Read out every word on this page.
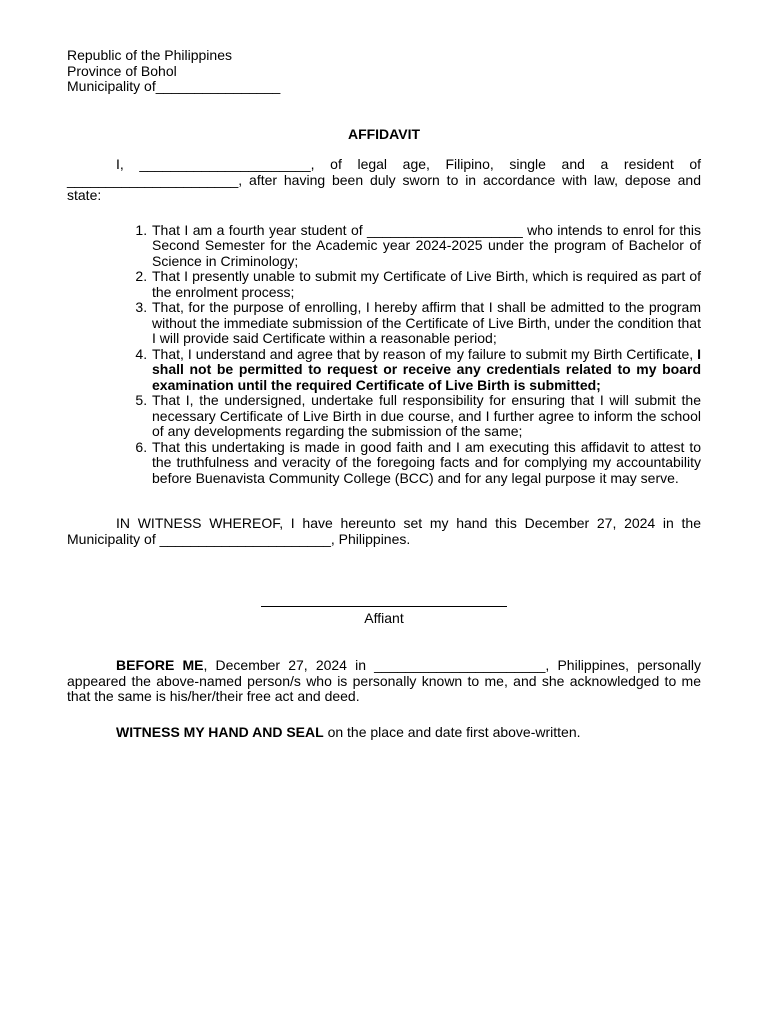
Republic of the Philippines
Province of Bohol
Municipality of________________
AFFIDAVIT
I, ______________________, of legal age, Filipino, single and a resident of ______________________, after having been duly sworn to in accordance with law, depose and state:
1. That I am a fourth year student of ____________________ who intends to enrol for this Second Semester for the Academic year 2024-2025 under the program of Bachelor of Science in Criminology;
2. That I presently unable to submit my Certificate of Live Birth, which is required as part of the enrolment process;
3. That, for the purpose of enrolling, I hereby affirm that I shall be admitted to the program without the immediate submission of the Certificate of Live Birth, under the condition that I will provide said Certificate within a reasonable period;
4. That, I understand and agree that by reason of my failure to submit my Birth Certificate, I shall not be permitted to request or receive any credentials related to my board examination until the required Certificate of Live Birth is submitted;
5. That I, the undersigned, undertake full responsibility for ensuring that I will submit the necessary Certificate of Live Birth in due course, and I further agree to inform the school of any developments regarding the submission of the same;
6. That this undertaking is made in good faith and I am executing this affidavit to attest to the truthfulness and veracity of the foregoing facts and for complying my accountability before Buenavista Community College (BCC) and for any legal purpose it may serve.
IN WITNESS WHEREOF, I have hereunto set my hand this December 27, 2024 in the Municipality of ______________________, Philippines.
Affiant
BEFORE ME, December 27, 2024 in ______________________, Philippines, personally appeared the above-named person/s who is personally known to me, and she acknowledged to me that the same is his/her/their free act and deed.
WITNESS MY HAND AND SEAL on the place and date first above-written.
